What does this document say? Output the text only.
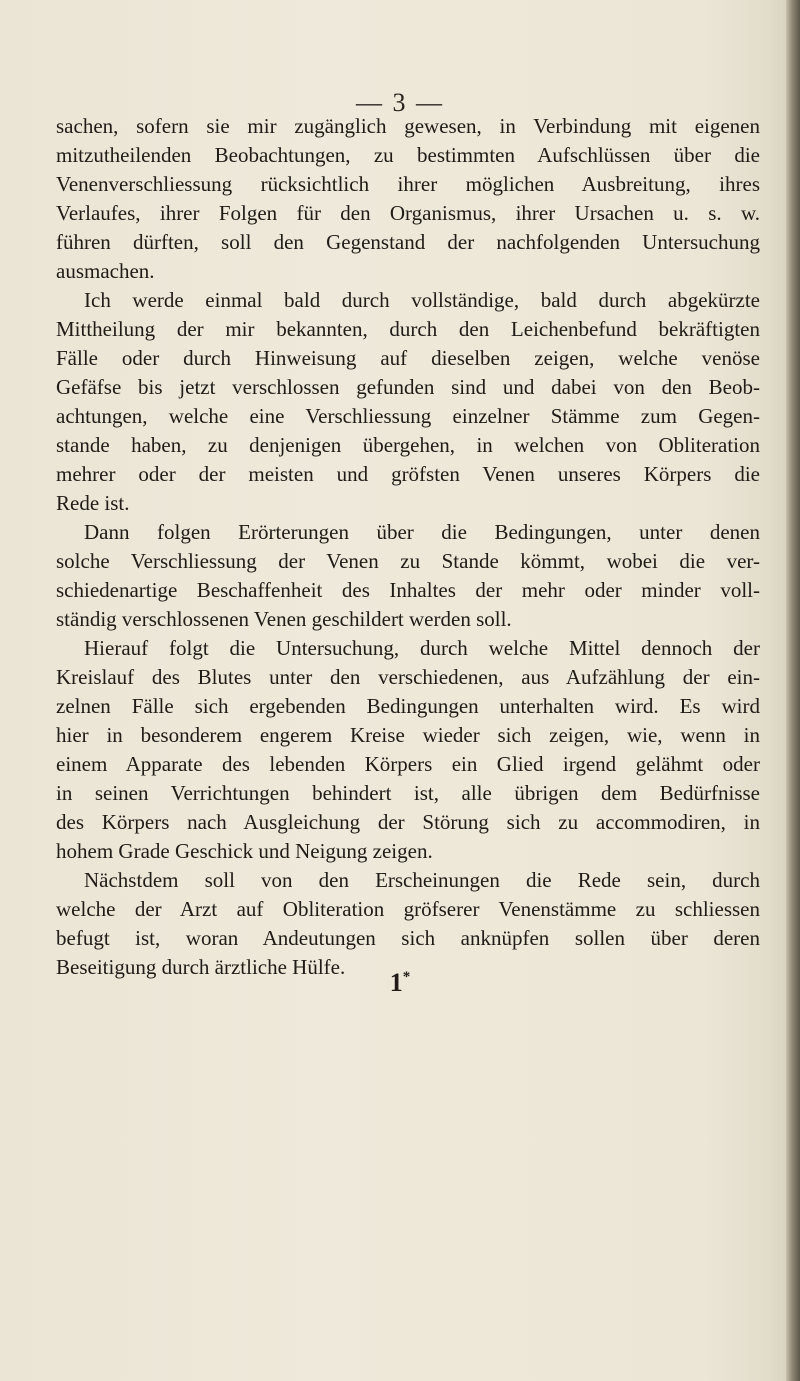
— 3 —
sachen, sofern sie mir zugänglich gewesen, in Verbindung mit eigenen
mitzutheilenden Beobachtungen, zu bestimmten Aufschlüssen über die
Venenverschliessung rücksichtlich ihrer möglichen Ausbreitung, ihres
Verlaufes, ihrer Folgen für den Organismus, ihrer Ursachen u. s. w.
führen dürften, soll den Gegenstand der nachfolgenden Untersuchung
ausmachen.
Ich werde einmal bald durch vollständige, bald durch abgekürzte
Mittheilung der mir bekannten, durch den Leichenbefund bekräftigten
Fälle oder durch Hinweisung auf dieselben zeigen, welche venöse
Gefäfse bis jetzt verschlossen gefunden sind und dabei von den Beob-
achtungen, welche eine Verschliessung einzelner Stämme zum Gegen-
stande haben, zu denjenigen übergehen, in welchen von Obliteration
mehrer oder der meisten und gröfsten Venen unseres Körpers die
Rede ist.
Dann folgen Erörterungen über die Bedingungen, unter denen
solche Verschliessung der Venen zu Stande kömmt, wobei die ver-
schiedenartige Beschaffenheit des Inhaltes der mehr oder minder voll-
ständig verschlossenen Venen geschildert werden soll.
Hierauf folgt die Untersuchung, durch welche Mittel dennoch der
Kreislauf des Blutes unter den verschiedenen, aus Aufzählung der ein-
zelnen Fälle sich ergebenden Bedingungen unterhalten wird. Es wird
hier in besonderem engerem Kreise wieder sich zeigen, wie, wenn in
einem Apparate des lebenden Körpers ein Glied irgend gelähmt oder
in seinen Verrichtungen behindert ist, alle übrigen dem Bedürfnisse
des Körpers nach Ausgleichung der Störung sich zu accommodiren, in
hohem Grade Geschick und Neigung zeigen.
Nächstdem soll von den Erscheinungen die Rede sein, durch
welche der Arzt auf Obliteration gröfserer Venenstämme zu schliessen
befugt ist, woran Andeutungen sich anknüpfen sollen über deren
Beseitigung durch ärztliche Hülfe.
1*
